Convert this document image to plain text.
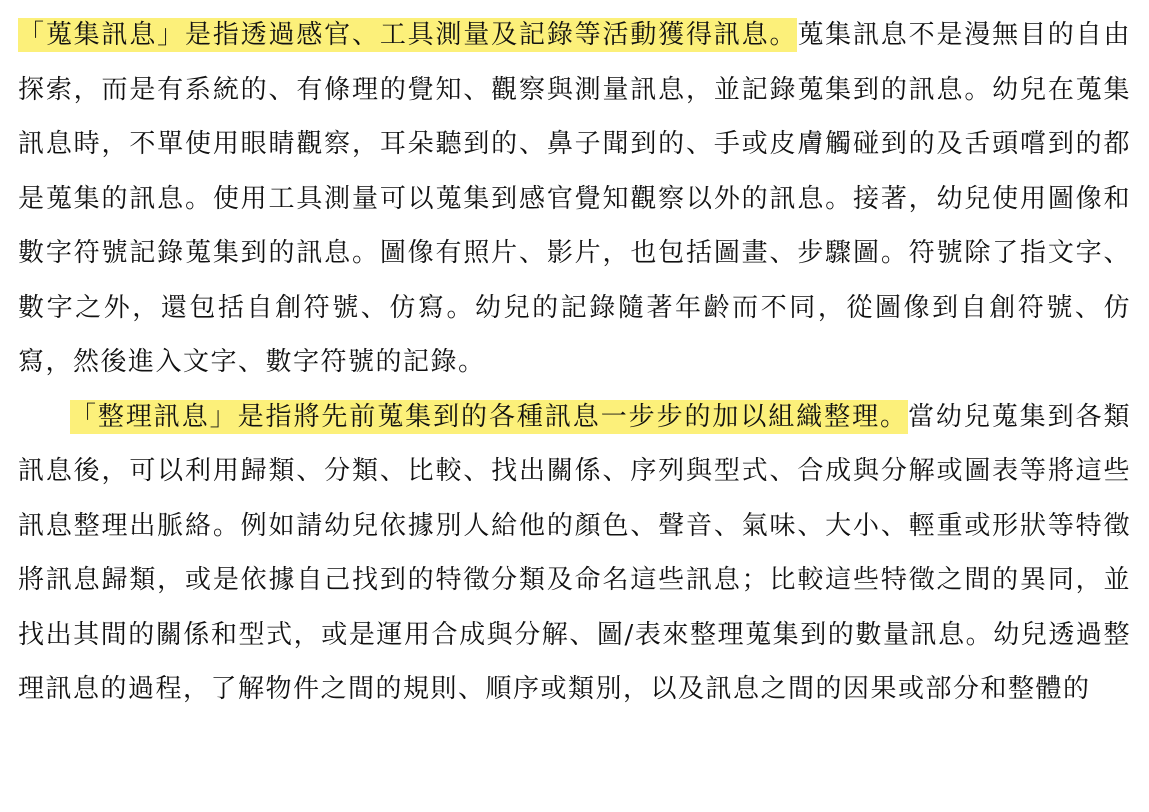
「蒐集訊息」是指透過感官、工具測量及記錄等活動獲得訊息。蒐集訊息不是漫無目的自由探索，而是有系統的、有條理的覺知、觀察與測量訊息，並記錄蒐集到的訊息。幼兒在蒐集訊息時，不單使用眼睛觀察，耳朵聽到的、鼻子聞到的、手或皮膚觸碰到的及舌頭嚐到的都是蒐集的訊息。使用工具測量可以蒐集到感官覺知觀察以外的訊息。接著，幼兒使用圖像和數字符號記錄蒐集到的訊息。圖像有照片、影片，也包括圖畫、步驟圖。符號除了指文字、數字之外，還包括自創符號、仿寫。幼兒的記錄隨著年齡而不同，從圖像到自創符號、仿寫，然後進入文字、數字符號的記錄。

「整理訊息」是指將先前蒐集到的各種訊息一步步的加以組織整理。當幼兒蒐集到各類訊息後，可以利用歸類、分類、比較、找出關係、序列與型式、合成與分解或圖表等將這些訊息整理出脈絡。例如請幼兒依據別人給他的顏色、聲音、氣味、大小、輕重或形狀等特徵將訊息歸類，或是依據自己找到的特徵分類及命名這些訊息；比較這些特徵之間的異同，並找出其間的關係和型式，或是運用合成與分解、圖/表來整理蒐集到的數量訊息。幼兒透過整理訊息的過程，了解物件之間的規則、順序或類別，以及訊息之間的因果或部分和整體的
